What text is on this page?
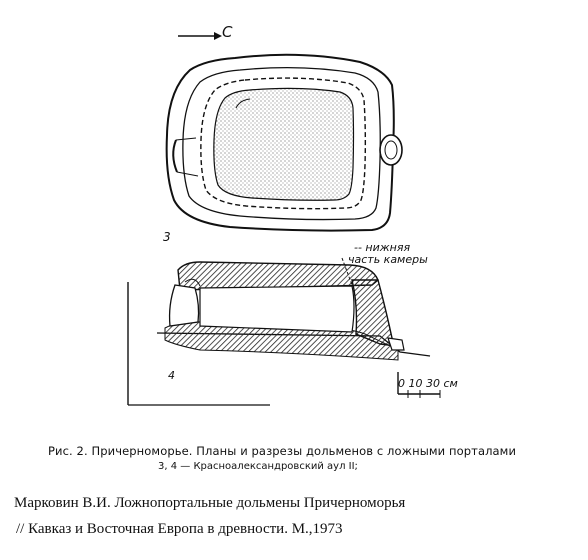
С
3
4
-- нижняя
часть камеры
0 10 30 см
Рис. 2. Причерноморье. Планы и разрезы дольменов с ложными порталами
3, 4 — Красноалександровский аул II;
Марковин В.И. Ложнопортальные дольмены Причерноморья
// Кавказ и Восточная Европа в древности. М.,1973
